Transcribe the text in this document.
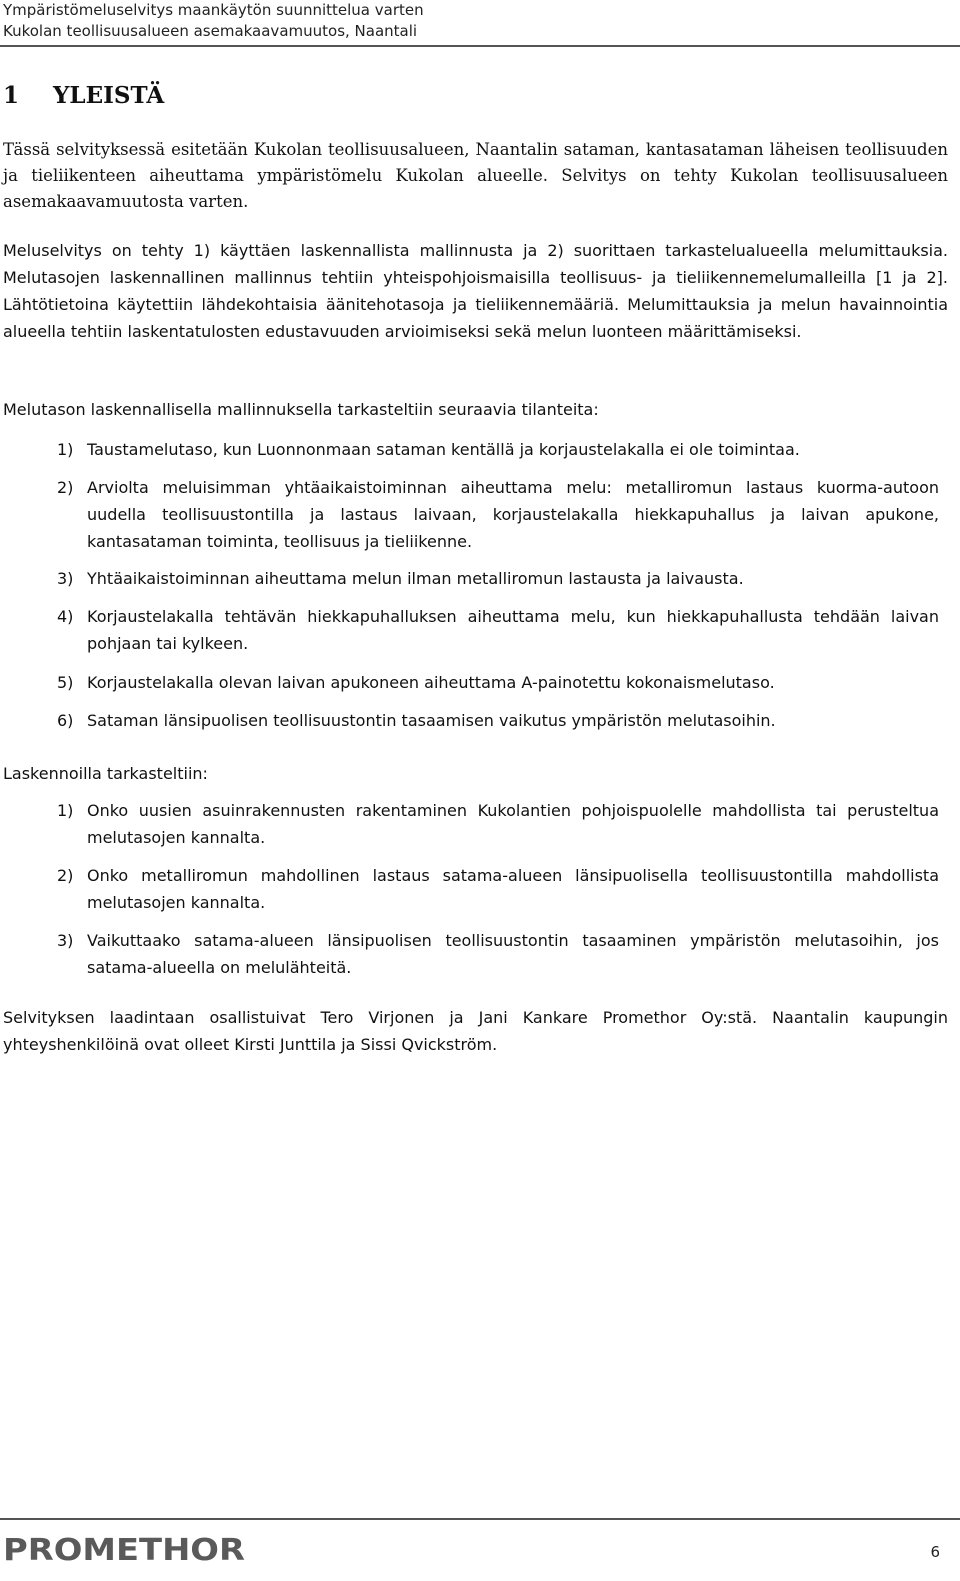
Ympäristömeluselvitys maankäytön suunnittelua varten
Kukolan teollisuusalueen asemakaavamuutos, Naantali
1 YLEISTÄ
Tässä selvityksessä esitetään Kukolan teollisuusalueen, Naantalin sataman, kantasataman läheisen teollisuuden ja tieliikenteen aiheuttama ympäristömelu Kukolan alueelle. Selvitys on tehty Kukolan teollisuusalueen asemakaavamuutosta varten.
Meluselvitys on tehty 1) käyttäen laskennallista mallinnusta ja 2) suorittaen tarkastelualueella melumittauksia. Melutasojen laskennallinen mallinnus tehtiin yhteispohjoismaisilla teollisuus- ja tieliikennemelumalleilla [1 ja 2]. Lähtötietoina käytettiin lähdekohtaisia äänitehotasoja ja tieliikennemääriä. Melumittauksia ja melun havainnointia alueella tehtiin laskentatulosten edustavuuden arvioimiseksi sekä melun luonteen määrittämiseksi.
Melutason laskennallisella mallinnuksella tarkasteltiin seuraavia tilanteita:
1) Taustamelutaso, kun Luonnonmaan sataman kentällä ja korjaustelakalla ei ole toimintaa.
2) Arviolta meluisimman yhtäaikaistoiminnan aiheuttama melu: metalliromun lastaus kuorma-autoon uudella teollisuustontilla ja lastaus laivaan, korjaustelakalla hiekkapuhallus ja laivan apukone, kantasataman toiminta, teollisuus ja tieliikenne.
3) Yhtäaikaistoiminnan aiheuttama melun ilman metalliromun lastausta ja laivausta.
4) Korjaustelakalla tehtävän hiekkapuhalluksen aiheuttama melu, kun hiekkapuhallusta tehdään laivan pohjaan tai kylkeen.
5) Korjaustelakalla olevan laivan apukoneen aiheuttama A-painotettu kokonaismelutaso.
6) Sataman länsipuolisen teollisuustontin tasaamisen vaikutus ympäristön melutasoihin.
Laskennoilla tarkasteltiin:
1) Onko uusien asuinrakennusten rakentaminen Kukolantien pohjoispuolelle mahdollista tai perusteltua melutasojen kannalta.
2) Onko metalliromun mahdollinen lastaus satama-alueen länsipuolisella teollisuustontilla mahdollista melutasojen kannalta.
3) Vaikuttaako satama-alueen länsipuolisen teollisuustontin tasaaminen ympäristön melutasoihin, jos satama-alueella on melulähteitä.
Selvityksen laadintaan osallistuivat Tero Virjonen ja Jani Kankare Promethor Oy:stä. Naantalin kaupungin yhteyshenkilöinä ovat olleet Kirsti Junttila ja Sissi Qvickström.
PROMETHOR	6
